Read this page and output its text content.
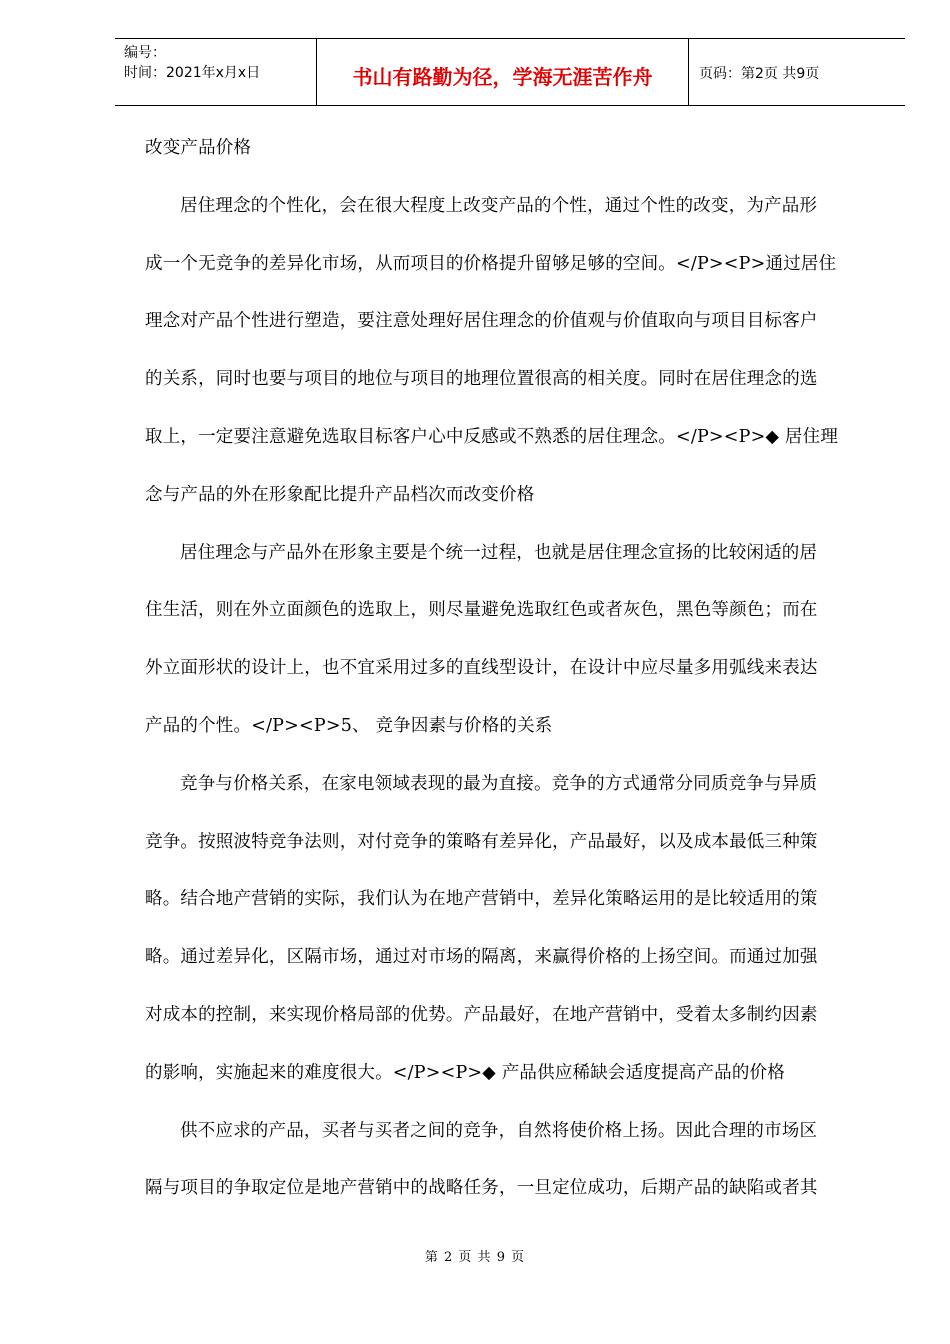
编号：
时间：2021年x月x日	书山有路勤为径，学海无涯苦作舟	页码：第2页 共9页
改变产品价格
居住理念的个性化，会在很大程度上改变产品的个性，通过个性的改变，为产品形
成一个无竞争的差异化市场，从而项目的价格提升留够足够的空间。</P><P>通过居住
理念对产品个性进行塑造，要注意处理好居住理念的价值观与价值取向与项目目标客户
的关系，同时也要与项目的地位与项目的地理位置很高的相关度。同时在居住理念的选
取上，一定要注意避免选取目标客户心中反感或不熟悉的居住理念。</P><P>◆ 居住理
念与产品的外在形象配比提升产品档次而改变价格
居住理念与产品外在形象主要是个统一过程，也就是居住理念宣扬的比较闲适的居
住生活，则在外立面颜色的选取上，则尽量避免选取红色或者灰色，黑色等颜色；而在
外立面形状的设计上，也不宜采用过多的直线型设计，在设计中应尽量多用弧线来表达
产品的个性。</P><P>5、 竞争因素与价格的关系
竞争与价格关系，在家电领域表现的最为直接。竞争的方式通常分同质竞争与异质
竞争。按照波特竞争法则，对付竞争的策略有差异化，产品最好，以及成本最低三种策
略。结合地产营销的实际，我们认为在地产营销中，差异化策略运用的是比较适用的策
略。通过差异化，区隔市场，通过对市场的隔离，来赢得价格的上扬空间。而通过加强
对成本的控制，来实现价格局部的优势。产品最好，在地产营销中，受着太多制约因素
的影响，实施起来的难度很大。</P><P>◆ 产品供应稀缺会适度提高产品的价格
供不应求的产品，买者与买者之间的竞争，自然将使价格上扬。因此合理的市场区
隔与项目的争取定位是地产营销中的战略任务，一旦定位成功，后期产品的缺陷或者其
第 2 页 共 9 页
